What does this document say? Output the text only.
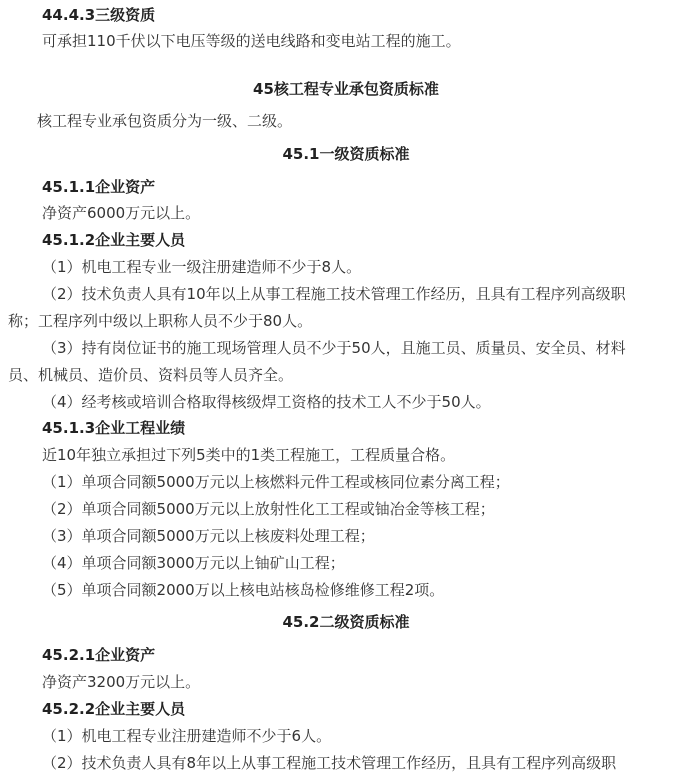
44.4.3三级资质
可承担110千伏以下电压等级的送电线路和变电站工程的施工。
45核工程专业承包资质标准
核工程专业承包资质分为一级、二级。
45.1一级资质标准
45.1.1企业资产
净资产6000万元以上。
45.1.2企业主要人员
（1）机电工程专业一级注册建造师不少于8人。
（2）技术负责人具有10年以上从事工程施工技术管理工作经历，且具有工程序列高级职
称；工程序列中级以上职称人员不少于80人。
（3）持有岗位证书的施工现场管理人员不少于50人，且施工员、质量员、安全员、材料
员、机械员、造价员、资料员等人员齐全。
（4）经考核或培训合格取得核级焊工资格的技术工人不少于50人。
45.1.3企业工程业绩
近10年独立承担过下列5类中的1类工程施工，工程质量合格。
（1）单项合同额5000万元以上核燃料元件工程或核同位素分离工程；
（2）单项合同额5000万元以上放射性化工工程或铀冶金等核工程；
（3）单项合同额5000万元以上核废料处理工程；
（4）单项合同额3000万元以上铀矿山工程；
（5）单项合同额2000万以上核电站核岛检修维修工程2项。
45.2二级资质标准
45.2.1企业资产
净资产3200万元以上。
45.2.2企业主要人员
（1）机电工程专业注册建造师不少于6人。
（2）技术负责人具有8年以上从事工程施工技术管理工作经历，且具有工程序列高级职
